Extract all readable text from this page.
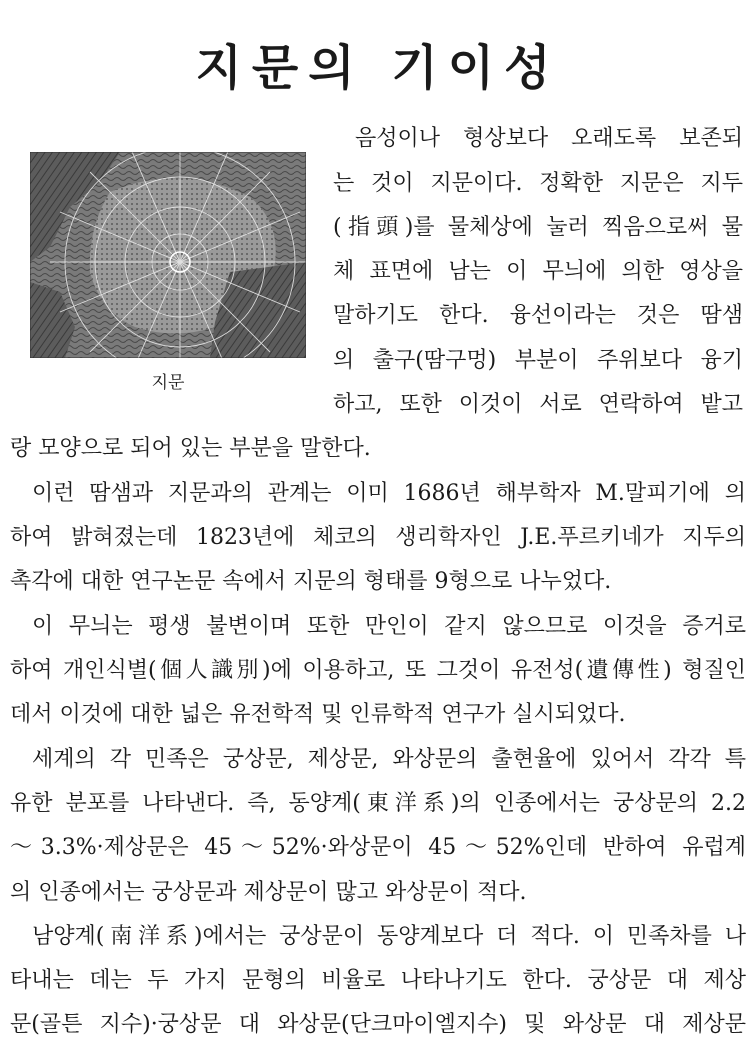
지문의 기이성
지문
음성이나 형상보다 오래도록 보존되
는 것이 지문이다. 정확한 지문은 지두
(指頭)를 물체상에 눌러 찍음으로써 물
체 표면에 남는 이 무늬에 의한 영상을
말하기도 한다. 융선이라는 것은 땀샘
의 출구(땀구멍) 부분이 주위보다 융기
하고, 또한 이것이 서로 연락하여 밭고
랑 모양으로 되어 있는 부분을 말한다.
이런 땀샘과 지문과의 관계는 이미 1686년 해부학자 M.말피기에 의
하여 밝혀졌는데 1823년에 체코의 생리학자인 J.E.푸르키네가 지두의
촉각에 대한 연구논문 속에서 지문의 형태를 9형으로 나누었다.
이 무늬는 평생 불변이며 또한 만인이 같지 않으므로 이것을 증거로
하여 개인식별(個人識別)에 이용하고, 또 그것이 유전성(遺傳性) 형질인
데서 이것에 대한 넓은 유전학적 및 인류학적 연구가 실시되었다.
세계의 각 민족은 궁상문, 제상문, 와상문의 출현율에 있어서 각각 특
유한 분포를 나타낸다. 즉, 동양계(東洋系)의 인종에서는 궁상문의 2.2
～3.3%·제상문은 45～52%·와상문이 45～52%인데 반하여 유럽계
의 인종에서는 궁상문과 제상문이 많고 와상문이 적다.
남양계(南洋系)에서는 궁상문이 동양계보다 더 적다. 이 민족차를 나
타내는 데는 두 가지 문형의 비율로 나타나기도 한다. 궁상문 대 제상
문(골튼 지수)·궁상문 대 와상문(단크마이엘지수) 및 와상문 대 제상문
